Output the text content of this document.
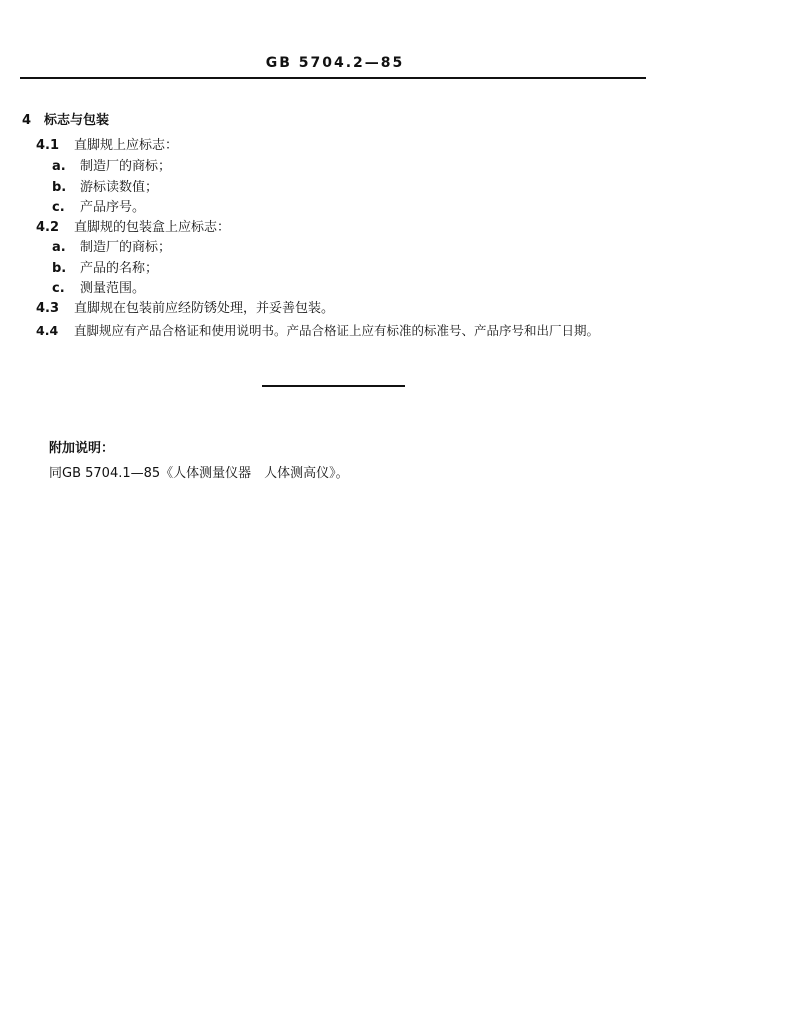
GB 5704.2—85
4 标志与包装
4.1 直脚规上应标志：
a. 制造厂的商标；
b. 游标读数值；
c. 产品序号。
4.2 直脚规的包装盒上应标志：
a. 制造厂的商标；
b. 产品的名称；
c. 测量范围。
4.3 直脚规在包装前应经防锈处理，并妥善包装。
4.4 直脚规应有产品合格证和使用说明书。产品合格证上应有标准的标准号、产品序号和出厂日期。
附加说明：
同GB 5704.1—85《人体测量仪器　人体测高仪》。
